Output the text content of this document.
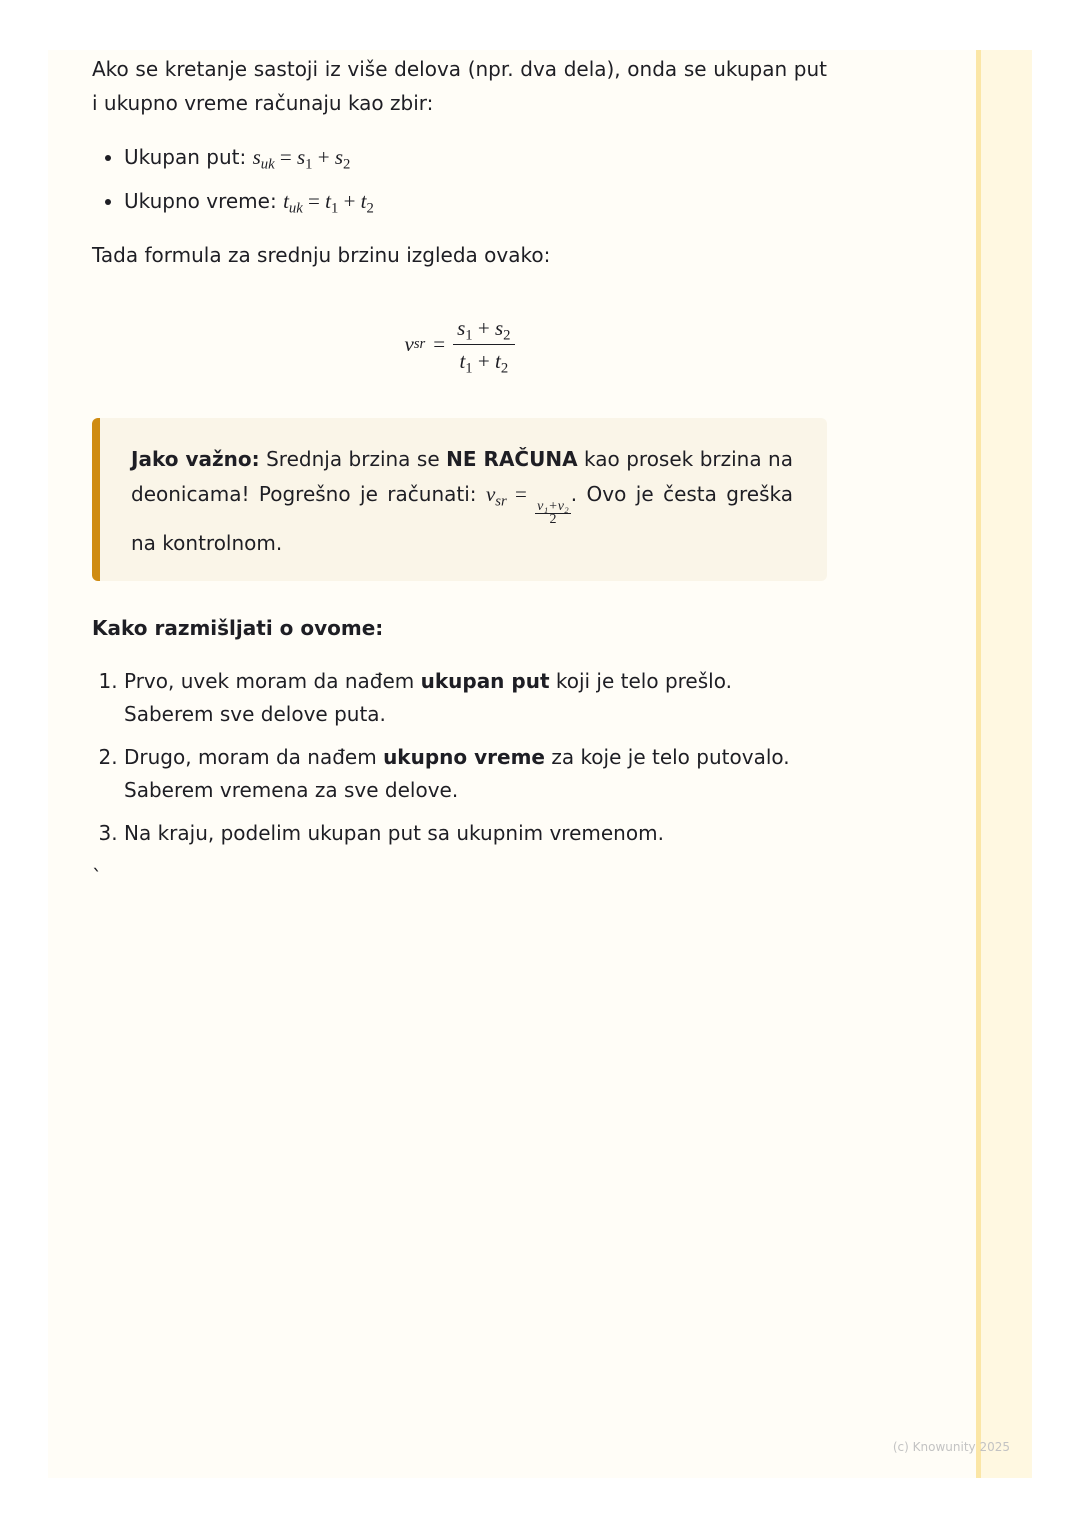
Ako se kretanje sastoji iz više delova (npr. dva dela), onda se ukupan put i ukupno vreme računaju kao zbir:

• Ukupan put: $s_{uk} = s_1 + s_2$
• Ukupno vreme: $t_{uk} = t_1 + t_2$

Tada formula za srednju brzinu izgleda ovako:

v sr = $\frac{s_1 + s_2}{t_1 + t_2}$

Jako važno: Srednja brzina se NE RAČUNA kao prosek brzina na deonicama! Pogrešno je računati: $v_{sr}$ =
$\frac{\text{v₁+v₂}}{2}$
. Ovo je česta greška na kontrolnom.

Kako razmišljati o ovome:

1. Prvo, uvek moram da nađem ukupan put koji je telo prešlo. Saberem sve delove puta.
2. Drugo, moram da nađem ukupno vreme za koje je telo putovalo. Saberem vremena za sve delove.
3. Na kraju, podelim ukupan put sa ukupnim vremenom.

`

(c) Knowunity 2025
